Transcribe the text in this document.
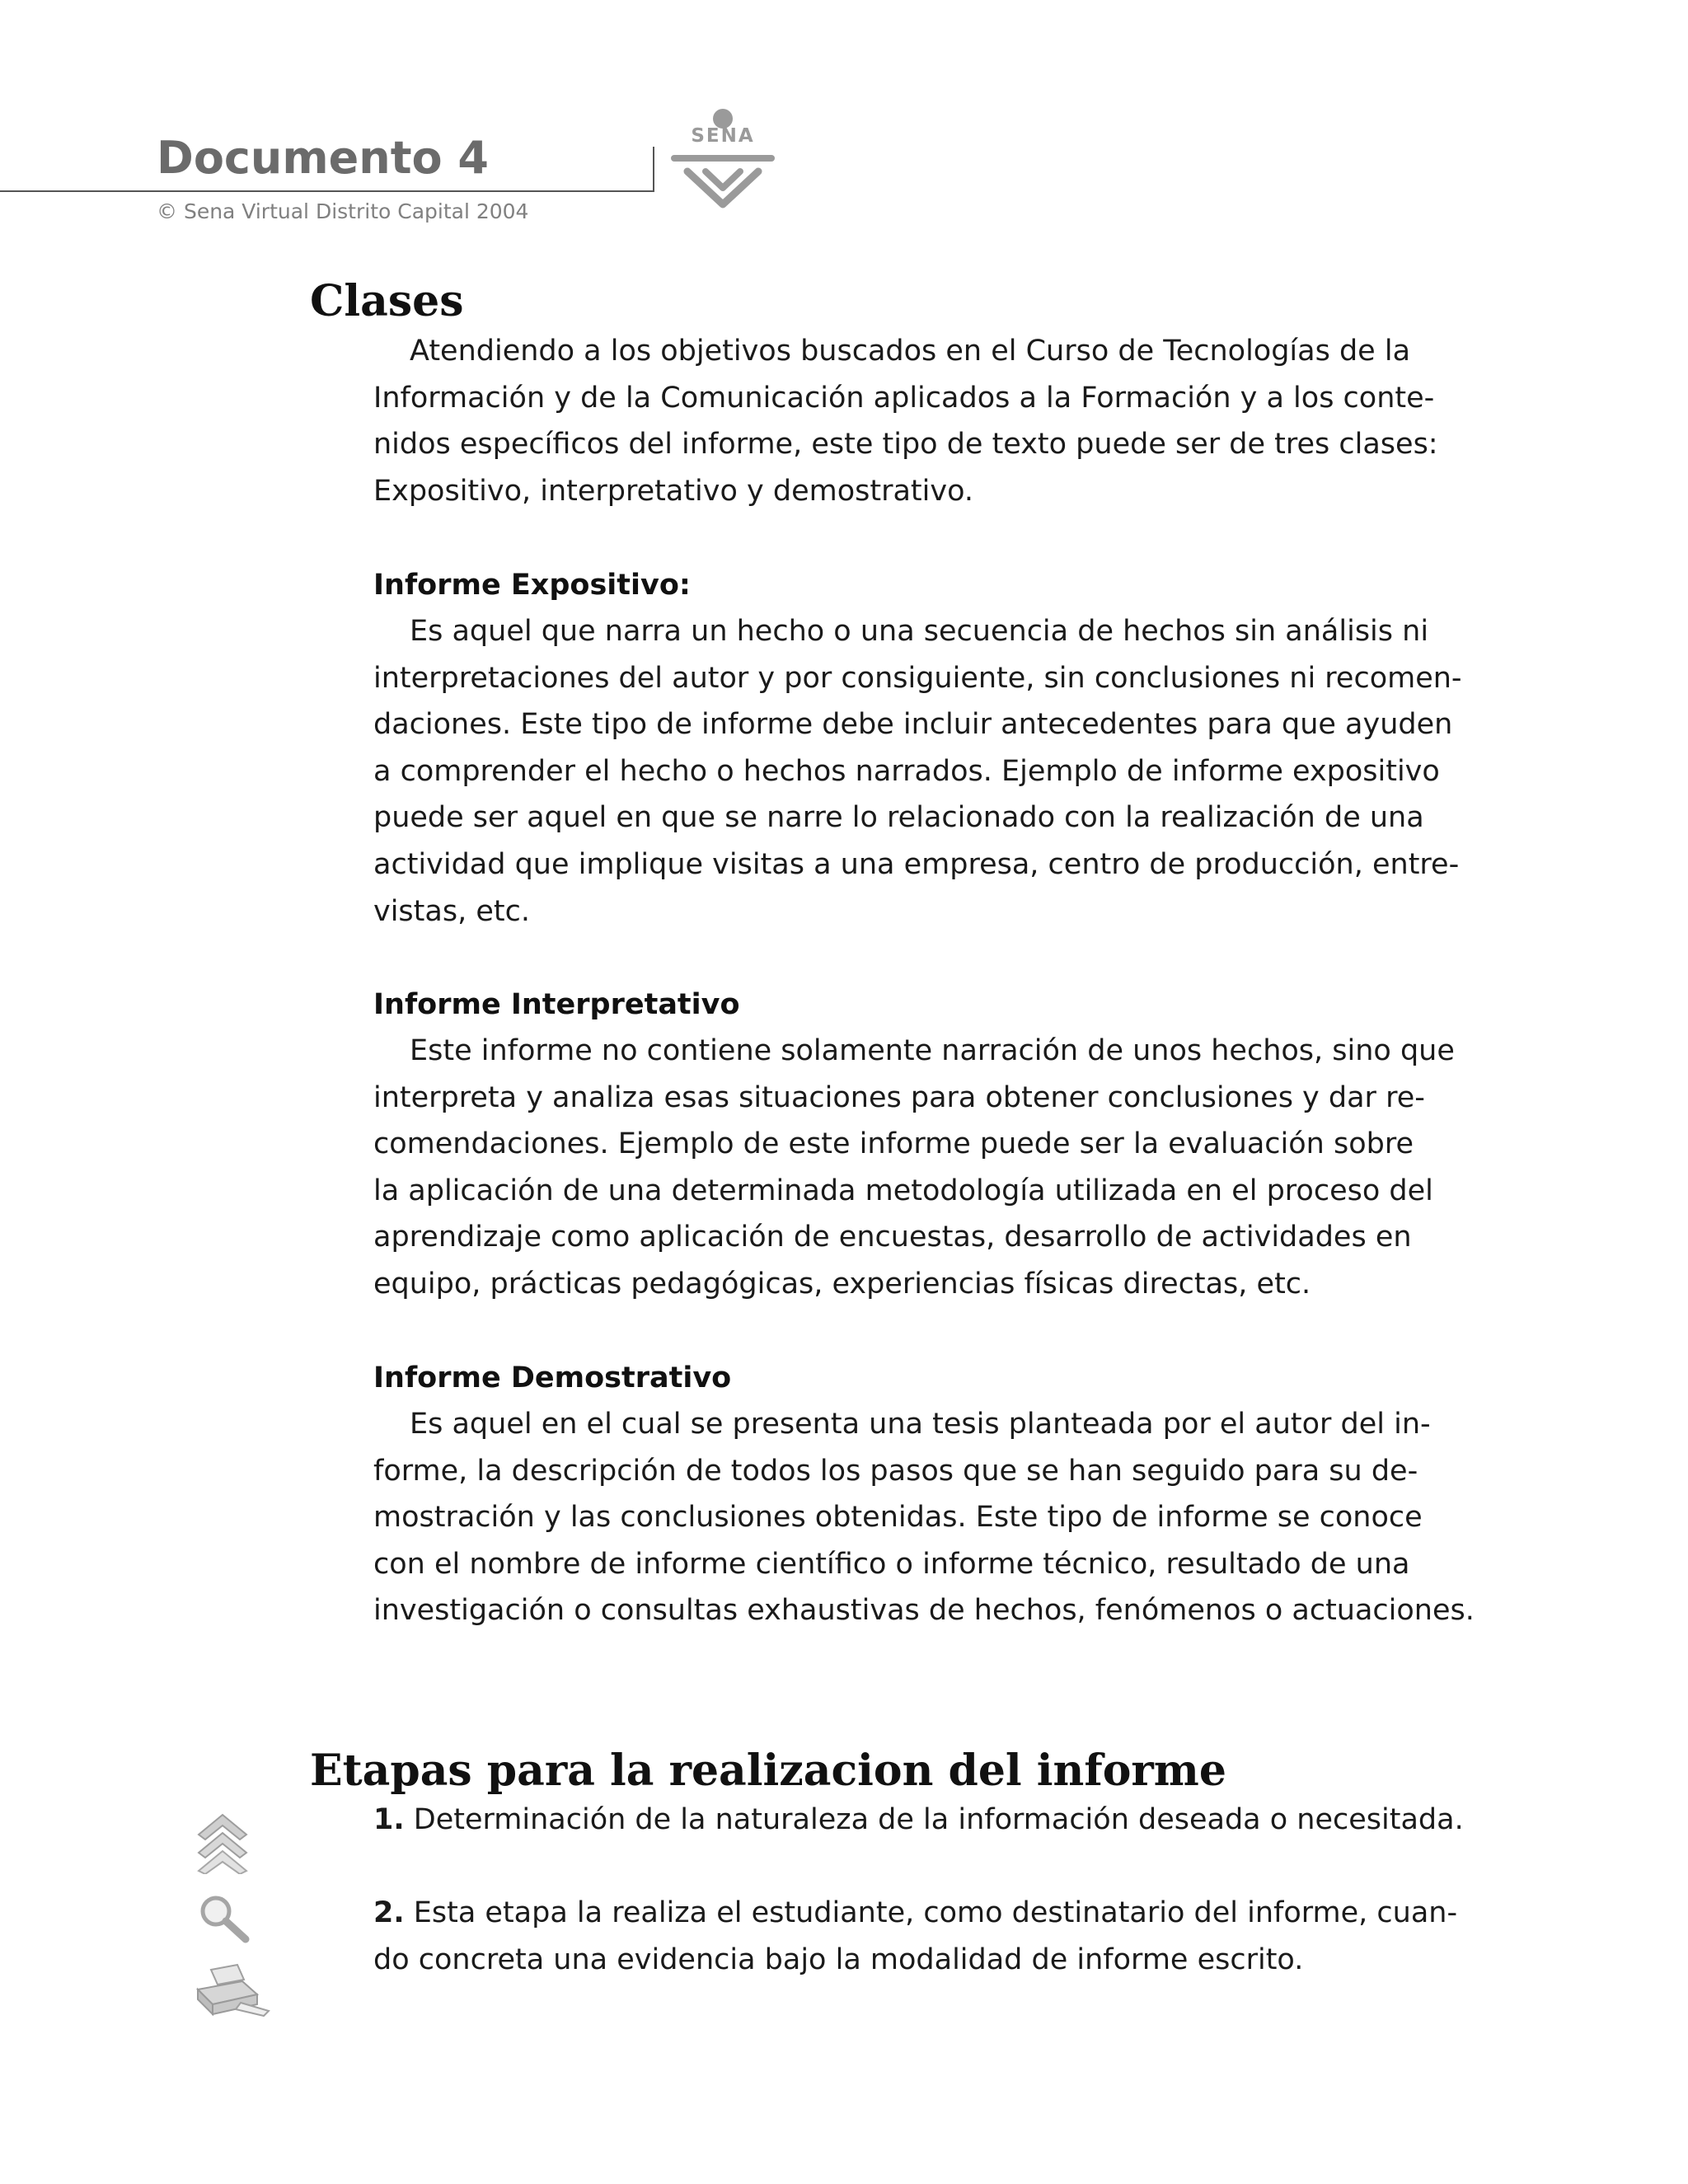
Documento 4
© Sena Virtual Distrito Capital 2004
SENA
Clases
Atendiendo a los objetivos buscados en el Curso de Tecnologías de la
Información y de la Comunicación aplicados a la Formación y a los conte-
nidos específicos del informe, este tipo de texto puede ser de tres clases:
Expositivo, interpretativo y demostrativo.
Informe Expositivo:
Es aquel que narra un hecho o una secuencia de hechos sin análisis ni
interpretaciones del autor y por consiguiente, sin conclusiones ni recomen-
daciones. Este tipo de informe debe incluir antecedentes para que ayuden
a comprender el hecho o hechos narrados. Ejemplo de informe expositivo
puede ser aquel en que se narre lo relacionado con la realización de una
actividad que implique visitas a una empresa, centro de producción, entre-
vistas, etc.
Informe Interpretativo
Este informe no contiene solamente narración de unos hechos, sino que
interpreta y analiza esas situaciones para obtener conclusiones y dar re-
comendaciones. Ejemplo de este informe puede ser la evaluación sobre
la aplicación de una determinada metodología utilizada en el proceso del
aprendizaje como aplicación de encuestas, desarrollo de actividades en
equipo, prácticas pedagógicas, experiencias físicas directas, etc.
Informe Demostrativo
Es aquel en el cual se presenta una tesis planteada por el autor del in-
forme, la descripción de todos los pasos que se han seguido para su de-
mostración y las conclusiones obtenidas. Este tipo de informe se conoce
con el nombre de informe científico o informe técnico, resultado de una
investigación o consultas exhaustivas de hechos, fenómenos o actuaciones.
Etapas para la realizacion del informe
1. Determinación de la naturaleza de la información deseada o necesitada.
2. Esta etapa la realiza el estudiante, como destinatario del informe, cuan-
do concreta una evidencia bajo la modalidad de informe escrito.
